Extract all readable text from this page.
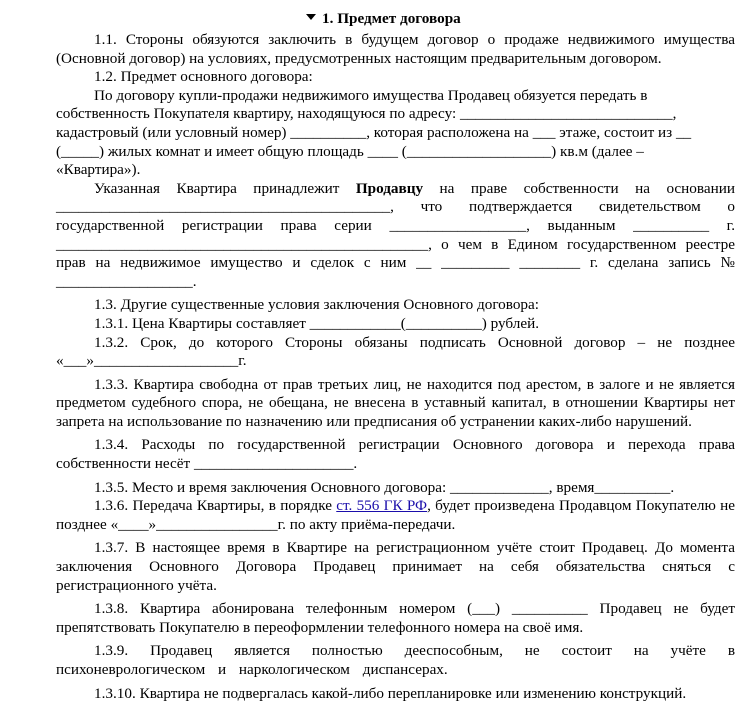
1. Предмет договора

1.1. Стороны обязуются заключить в будущем договор о продаже недвижимого имущества (Основной договор) на условиях, предусмотренных настоящим предварительным договором.

1.2. Предмет основного договора:

По договору купли-продажи недвижимого имущества Продавец обязуется передать в
собственность Покупателя квартиру, находящуюся по адресу: ____________________________,
кадастровый (или условный номер) __________, которая расположена на ___ этаже, состоит из __
(_____) жилых комнат и имеет общую площадь ____ (___________________) кв.м (далее –
«Квартира»).

Указанная Квартира принадлежит Продавцу на праве собственности на основании ____________________________________________, что подтверждается свидетельством о государственной регистрации права серии __________________, выданным __________ г. _________________________________________________, о чем в Едином государственном реестре прав на недвижимое имущество и сделок с ним __ _________ ________ г. сделана запись № __________________.

1.3. Другие существенные условия заключения Основного договора:

1.3.1. Цена Квартиры составляет ____________(__________) рублей.

1.3.2. Срок, до которого Стороны обязаны подписать Основной договор – не позднее «___»___________________г.

1.3.3. Квартира свободна от прав третьих лиц, не находится под арестом, в залоге и не является предметом судебного спора, не обещана, не внесена в уставный капитал, в отношении Квартиры нет запрета на использование по назначению или предписания об устранении каких-либо нарушений.

1.3.4. Расходы по государственной регистрации Основного договора и перехода права собственности несёт _____________________.

1.3.5. Место и время заключения Основного договора: _____________, время__________.

1.3.6. Передача Квартиры, в порядке ст. 556 ГК РФ, будет произведена Продавцом Покупателю не позднее «____»________________г. по акту приёма-передачи.

1.3.7. В настоящее время в Квартире на регистрационном учёте стоит Продавец. До момента заключения Основного Договора Продавец принимает на себя обязательства сняться с регистрационного учёта.

1.3.8. Квартира абонирована телефонным номером (___) __________ Продавец не будет препятствовать Покупателю в переоформлении телефонного номера на своё имя.

1.3.9. Продавец является полностью дееспособным, не состоит на учёте в психоневрологическом и наркологическом диспансерах.

1.3.10. Квартира не подвергалась какой-либо перепланировке или изменению конструкций.
